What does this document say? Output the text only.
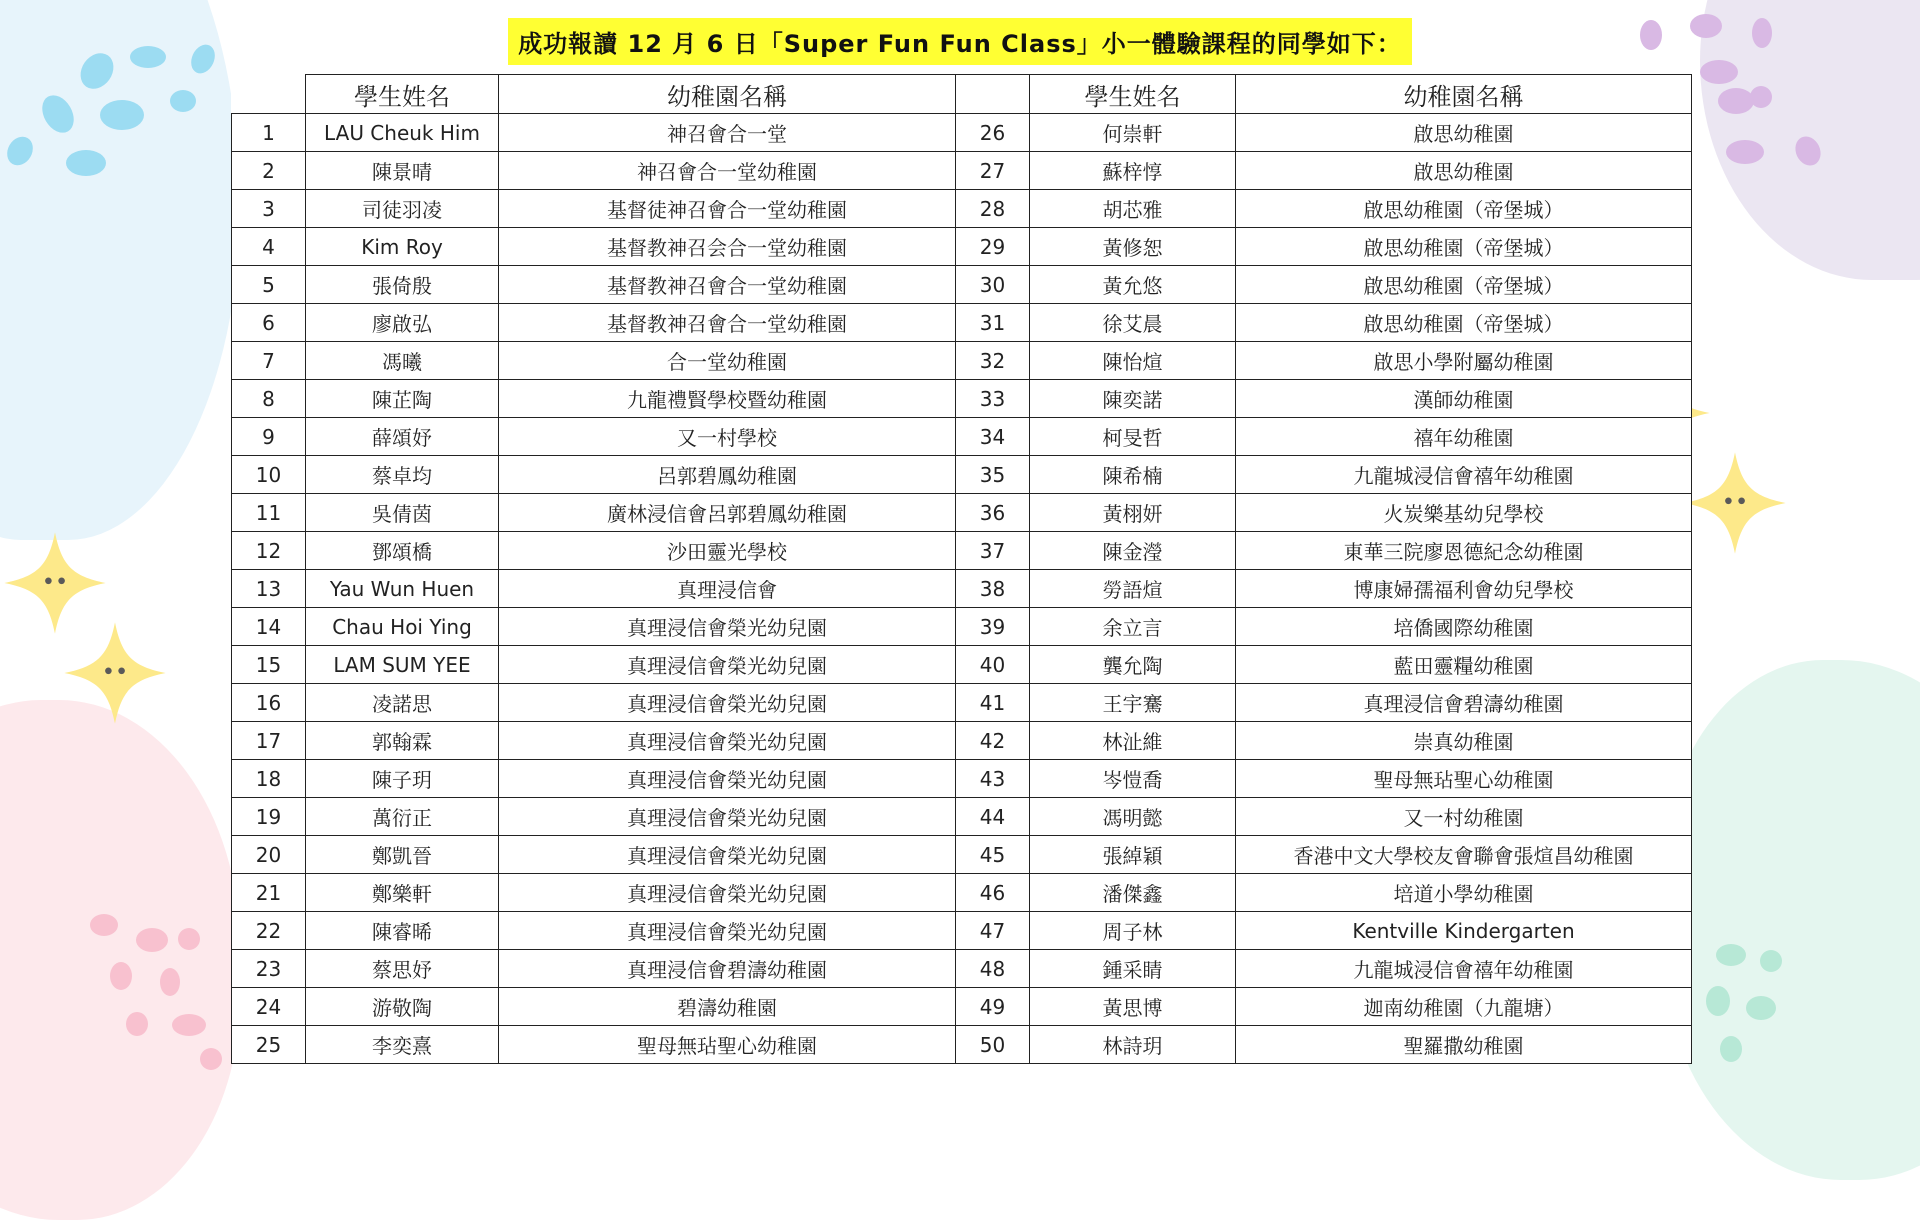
成功報讀 12 月 6 日「Super Fun Fun Class」小一體驗課程的同學如下：
	學生姓名	幼稚園名稱		學生姓名	幼稚園名稱
1	LAU Cheuk Him	神召會合一堂	26	何崇軒	啟思幼稚園
2	陳景晴	神召會合一堂幼稚園	27	蘇梓惇	啟思幼稚園
3	司徒羽凌	基督徒神召會合一堂幼稚園	28	胡芯雅	啟思幼稚園（帝堡城）
4	Kim Roy	基督教神召会合一堂幼稚園	29	黃修恕	啟思幼稚園（帝堡城）
5	張倚殷	基督教神召會合一堂幼稚園	30	黃允悠	啟思幼稚園（帝堡城）
6	廖啟弘	基督教神召會合一堂幼稚園	31	徐艾晨	啟思幼稚園（帝堡城）
7	馮曦	合一堂幼稚園	32	陳怡煊	啟思小學附屬幼稚園
8	陳芷陶	九龍禮賢學校暨幼稚園	33	陳奕諾	漢師幼稚園
9	薛頌妤	又一村學校	34	柯旻哲	禧年幼稚園
10	蔡卓均	呂郭碧鳳幼稚園	35	陳希楠	九龍城浸信會禧年幼稚園
11	吳倩茵	廣林浸信會呂郭碧鳳幼稚園	36	黃栩妍	火炭樂基幼兒學校
12	鄧頌橋	沙田靈光學校	37	陳金瀅	東華三院廖恩德紀念幼稚園
13	Yau Wun Huen	真理浸信會	38	勞語煊	博康婦孺福利會幼兒學校
14	Chau Hoi Ying	真理浸信會榮光幼兒園	39	余立言	培僑國際幼稚園
15	LAM SUM YEE	真理浸信會榮光幼兒園	40	龔允陶	藍田靈糧幼稚園
16	凌諾思	真理浸信會榮光幼兒園	41	王宇騫	真理浸信會碧濤幼稚園
17	郭翰霖	真理浸信會榮光幼兒園	42	林沚維	崇真幼稚園
18	陳子玥	真理浸信會榮光幼兒園	43	岑愷喬	聖母無玷聖心幼稚園
19	萬衍正	真理浸信會榮光幼兒園	44	馮明懿	又一村幼稚園
20	鄭凱晉	真理浸信會榮光幼兒園	45	張綽穎	香港中文大學校友會聯會張煊昌幼稚園
21	鄭樂軒	真理浸信會榮光幼兒園	46	潘傑鑫	培道小學幼稚園
22	陳睿晞	真理浸信會榮光幼兒園	47	周子林	Kentville Kindergarten
23	蔡思妤	真理浸信會碧濤幼稚園	48	鍾采睛	九龍城浸信會禧年幼稚園
24	游敬陶	碧濤幼稚園	49	黃思博	迦南幼稚園（九龍塘）
25	李奕熹	聖母無玷聖心幼稚園	50	林詩玥	聖羅撒幼稚園
